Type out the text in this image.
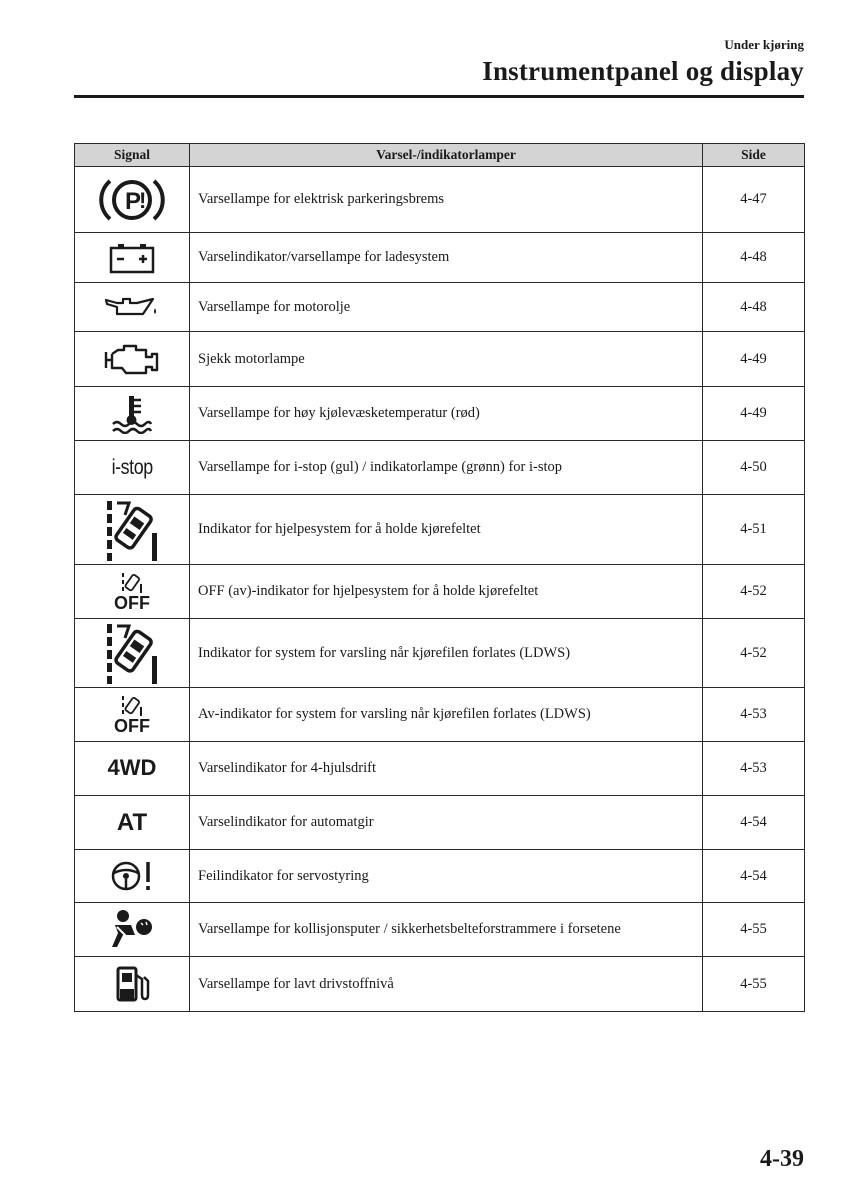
Under kjøring
Instrumentpanel og display
Signal	Varsel-/indikatorlamper	Side

P
!	Varsellampe for elektrisk parkeringsbrems	4-47
	Varselindikator/varsellampe for ladesystem	4-48
	Varsellampe for motorolje	4-48
	Sjekk motorlampe	4-49
	Varsellampe for høy kjølevæsketemperatur (rød)	4-49
i-stop	Varsellampe for i-stop (gul) / indikatorlampe (grønn) for i-stop	4-50
	Indikator for hjelpesystem for å holde kjørefeltet	4-51

OFF	OFF (av)-indikator for hjelpesystem for å holde kjørefeltet	4-52
	Indikator for system for varsling når kjørefilen forlates (LDWS)	4-52

OFF	Av-indikator for system for varsling når kjørefilen forlates (LDWS)	4-53
4WD	Varselindikator for 4-hjulsdrift	4-53
AT	Varselindikator for automatgir	4-54
	Feilindikator for servostyring	4-54
	Varsellampe for kollisjonsputer / sikkerhetsbelteforstrammere i forsetene	4-55
	Varsellampe for lavt drivstoffnivå	4-55
4-39
